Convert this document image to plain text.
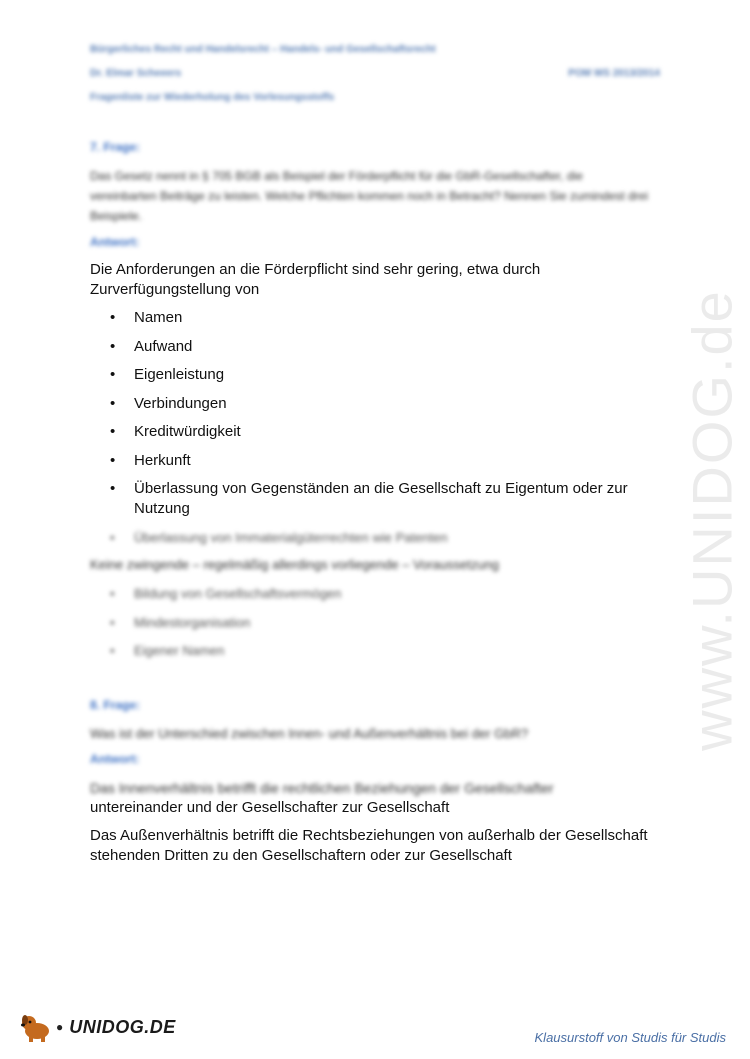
Bürgerliches Recht und Handelsrecht – Handels- und Gesellschaftsrecht
Dr. Elmar Scheeers	POM WS 2013/2014
Fragenliste zur Wiederholung des Vorlesungsstoffs
7. Frage:
Das Gesetz nennt in § 705 BGB als Beispiel der Förderpflicht für die GbR-Gesellschafter, die vereinbarten Beiträge zu leisten. Welche Pflichten kommen noch in Betracht? Nennen Sie zumindest drei Beispiele.
Antwort:
Die Anforderungen an die Förderpflicht sind sehr gering, etwa durch Zurverfügungstellung von
• Namen
• Aufwand
• Eigenleistung
• Verbindungen
• Kreditwürdigkeit
• Herkunft
• Überlassung von Gegenständen an die Gesellschaft zu Eigentum oder zur Nutzung
• Überlassung von Immaterialgüterrechten wie Patenten
Keine zwingende – regelmäßig allerdings vorliegende – Voraussetzung
• Bildung von Gesellschaftsvermögen
• Mindestorganisation
• Eigener Namen
8. Frage:
Was ist der Unterschied zwischen Innen- und Außenverhältnis bei der GbR?
Antwort:
Das Innenverhältnis betrifft die rechtlichen Beziehungen der Gesellschafter
untereinander und der Gesellschafter zur Gesellschaft
Das Außenverhältnis betrifft die Rechtsbeziehungen von außerhalb der Gesellschaft stehenden Dritten zu den Gesellschaftern oder zur Gesellschaft
www.UNIDOG.de
● UNIDOG.DE
Klausurstoff von Studis für Studis
